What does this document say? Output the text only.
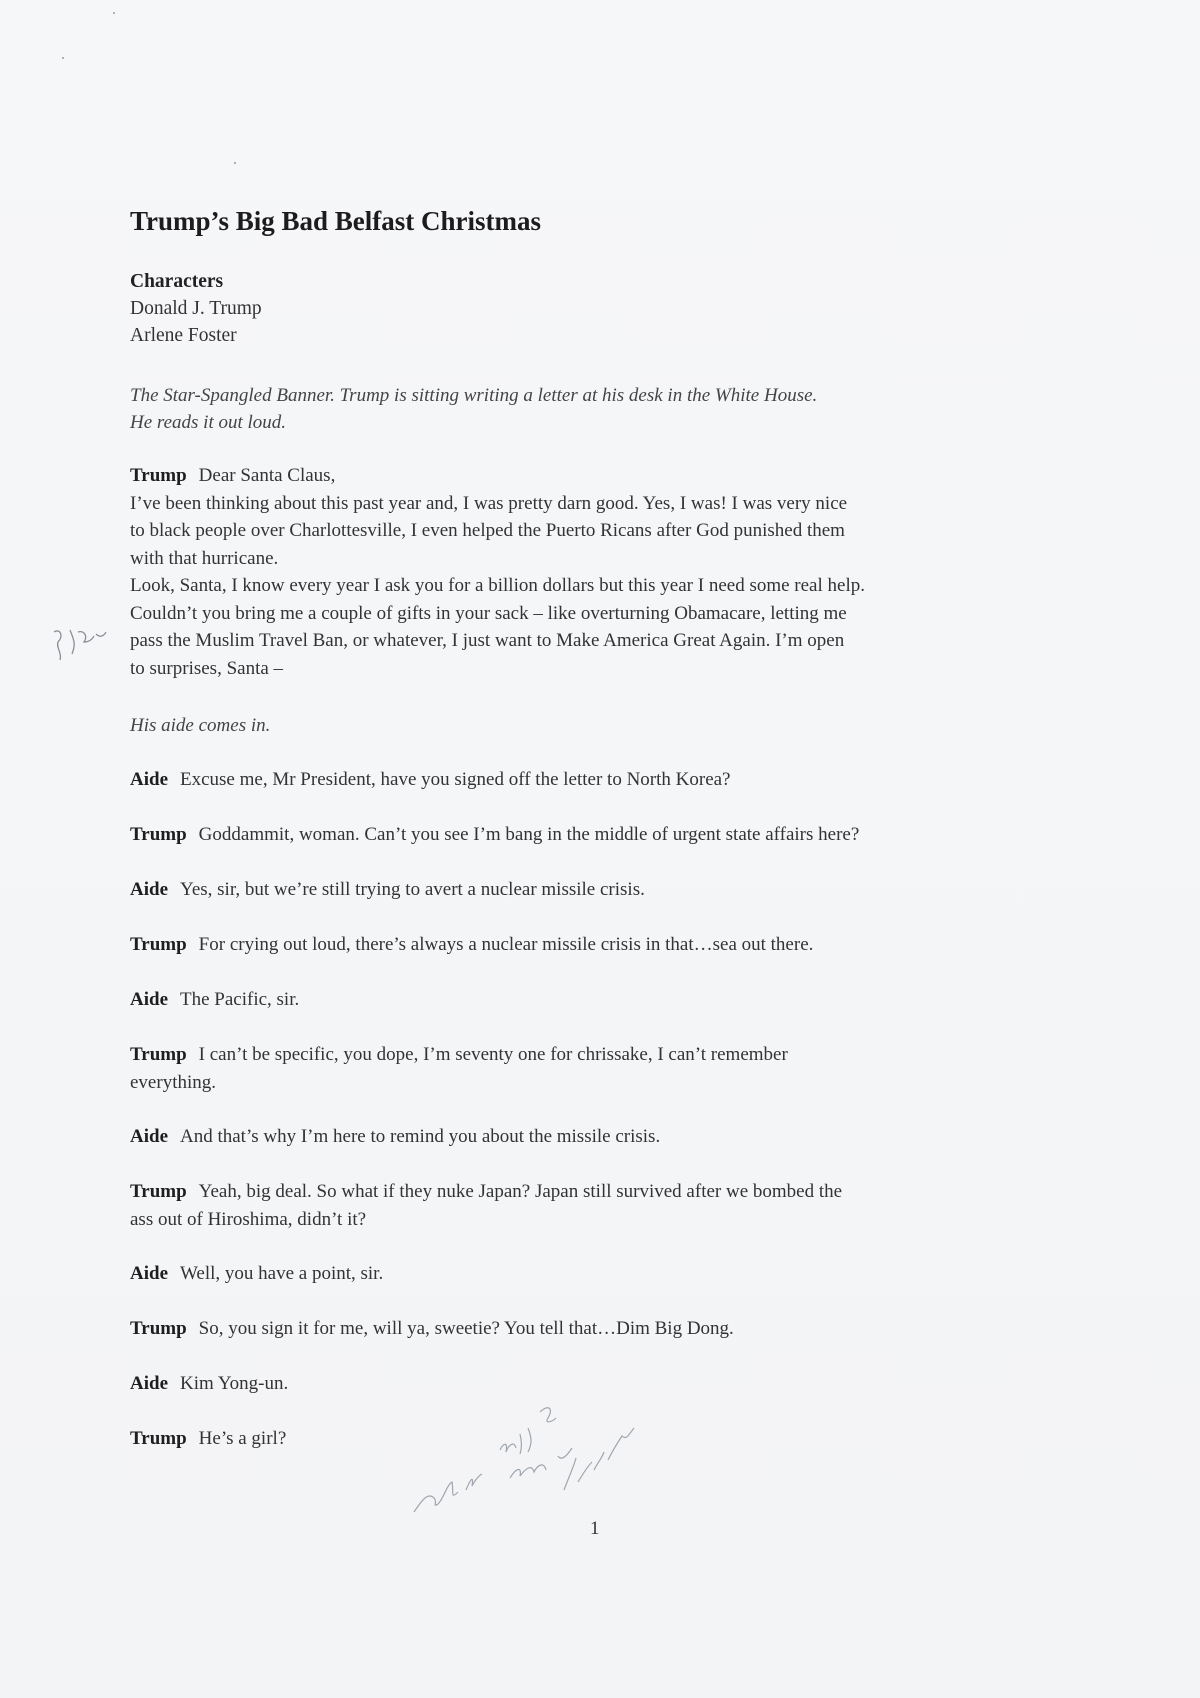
Trump’s Big Bad Belfast Christmas
Characters
Donald J. Trump
Arlene Foster
The Star-Spangled Banner. Trump is sitting writing a letter at his desk in the White House.
He reads it out loud.
Trump Dear Santa Claus,
I’ve been thinking about this past year and, I was pretty darn good. Yes, I was! I was very nice
to black people over Charlottesville, I even helped the Puerto Ricans after God punished them
with that hurricane.
Look, Santa, I know every year I ask you for a billion dollars but this year I need some real help.
Couldn’t you bring me a couple of gifts in your sack – like overturning Obamacare, letting me
pass the Muslim Travel Ban, or whatever, I just want to Make America Great Again. I’m open
to surprises, Santa –
His aide comes in.
Aide Excuse me, Mr President, have you signed off the letter to North Korea?
Trump Goddammit, woman. Can’t you see I’m bang in the middle of urgent state affairs here?
Aide Yes, sir, but we’re still trying to avert a nuclear missile crisis.
Trump For crying out loud, there’s always a nuclear missile crisis in that…sea out there.
Aide The Pacific, sir.
Trump I can’t be specific, you dope, I’m seventy one for chrissake, I can’t remember
everything.
Aide And that’s why I’m here to remind you about the missile crisis.
Trump Yeah, big deal. So what if they nuke Japan? Japan still survived after we bombed the
ass out of Hiroshima, didn’t it?
Aide Well, you have a point, sir.
Trump So, you sign it for me, will ya, sweetie? You tell that…Dim Big Dong.
Aide Kim Yong-un.
Trump He’s a girl?
1
